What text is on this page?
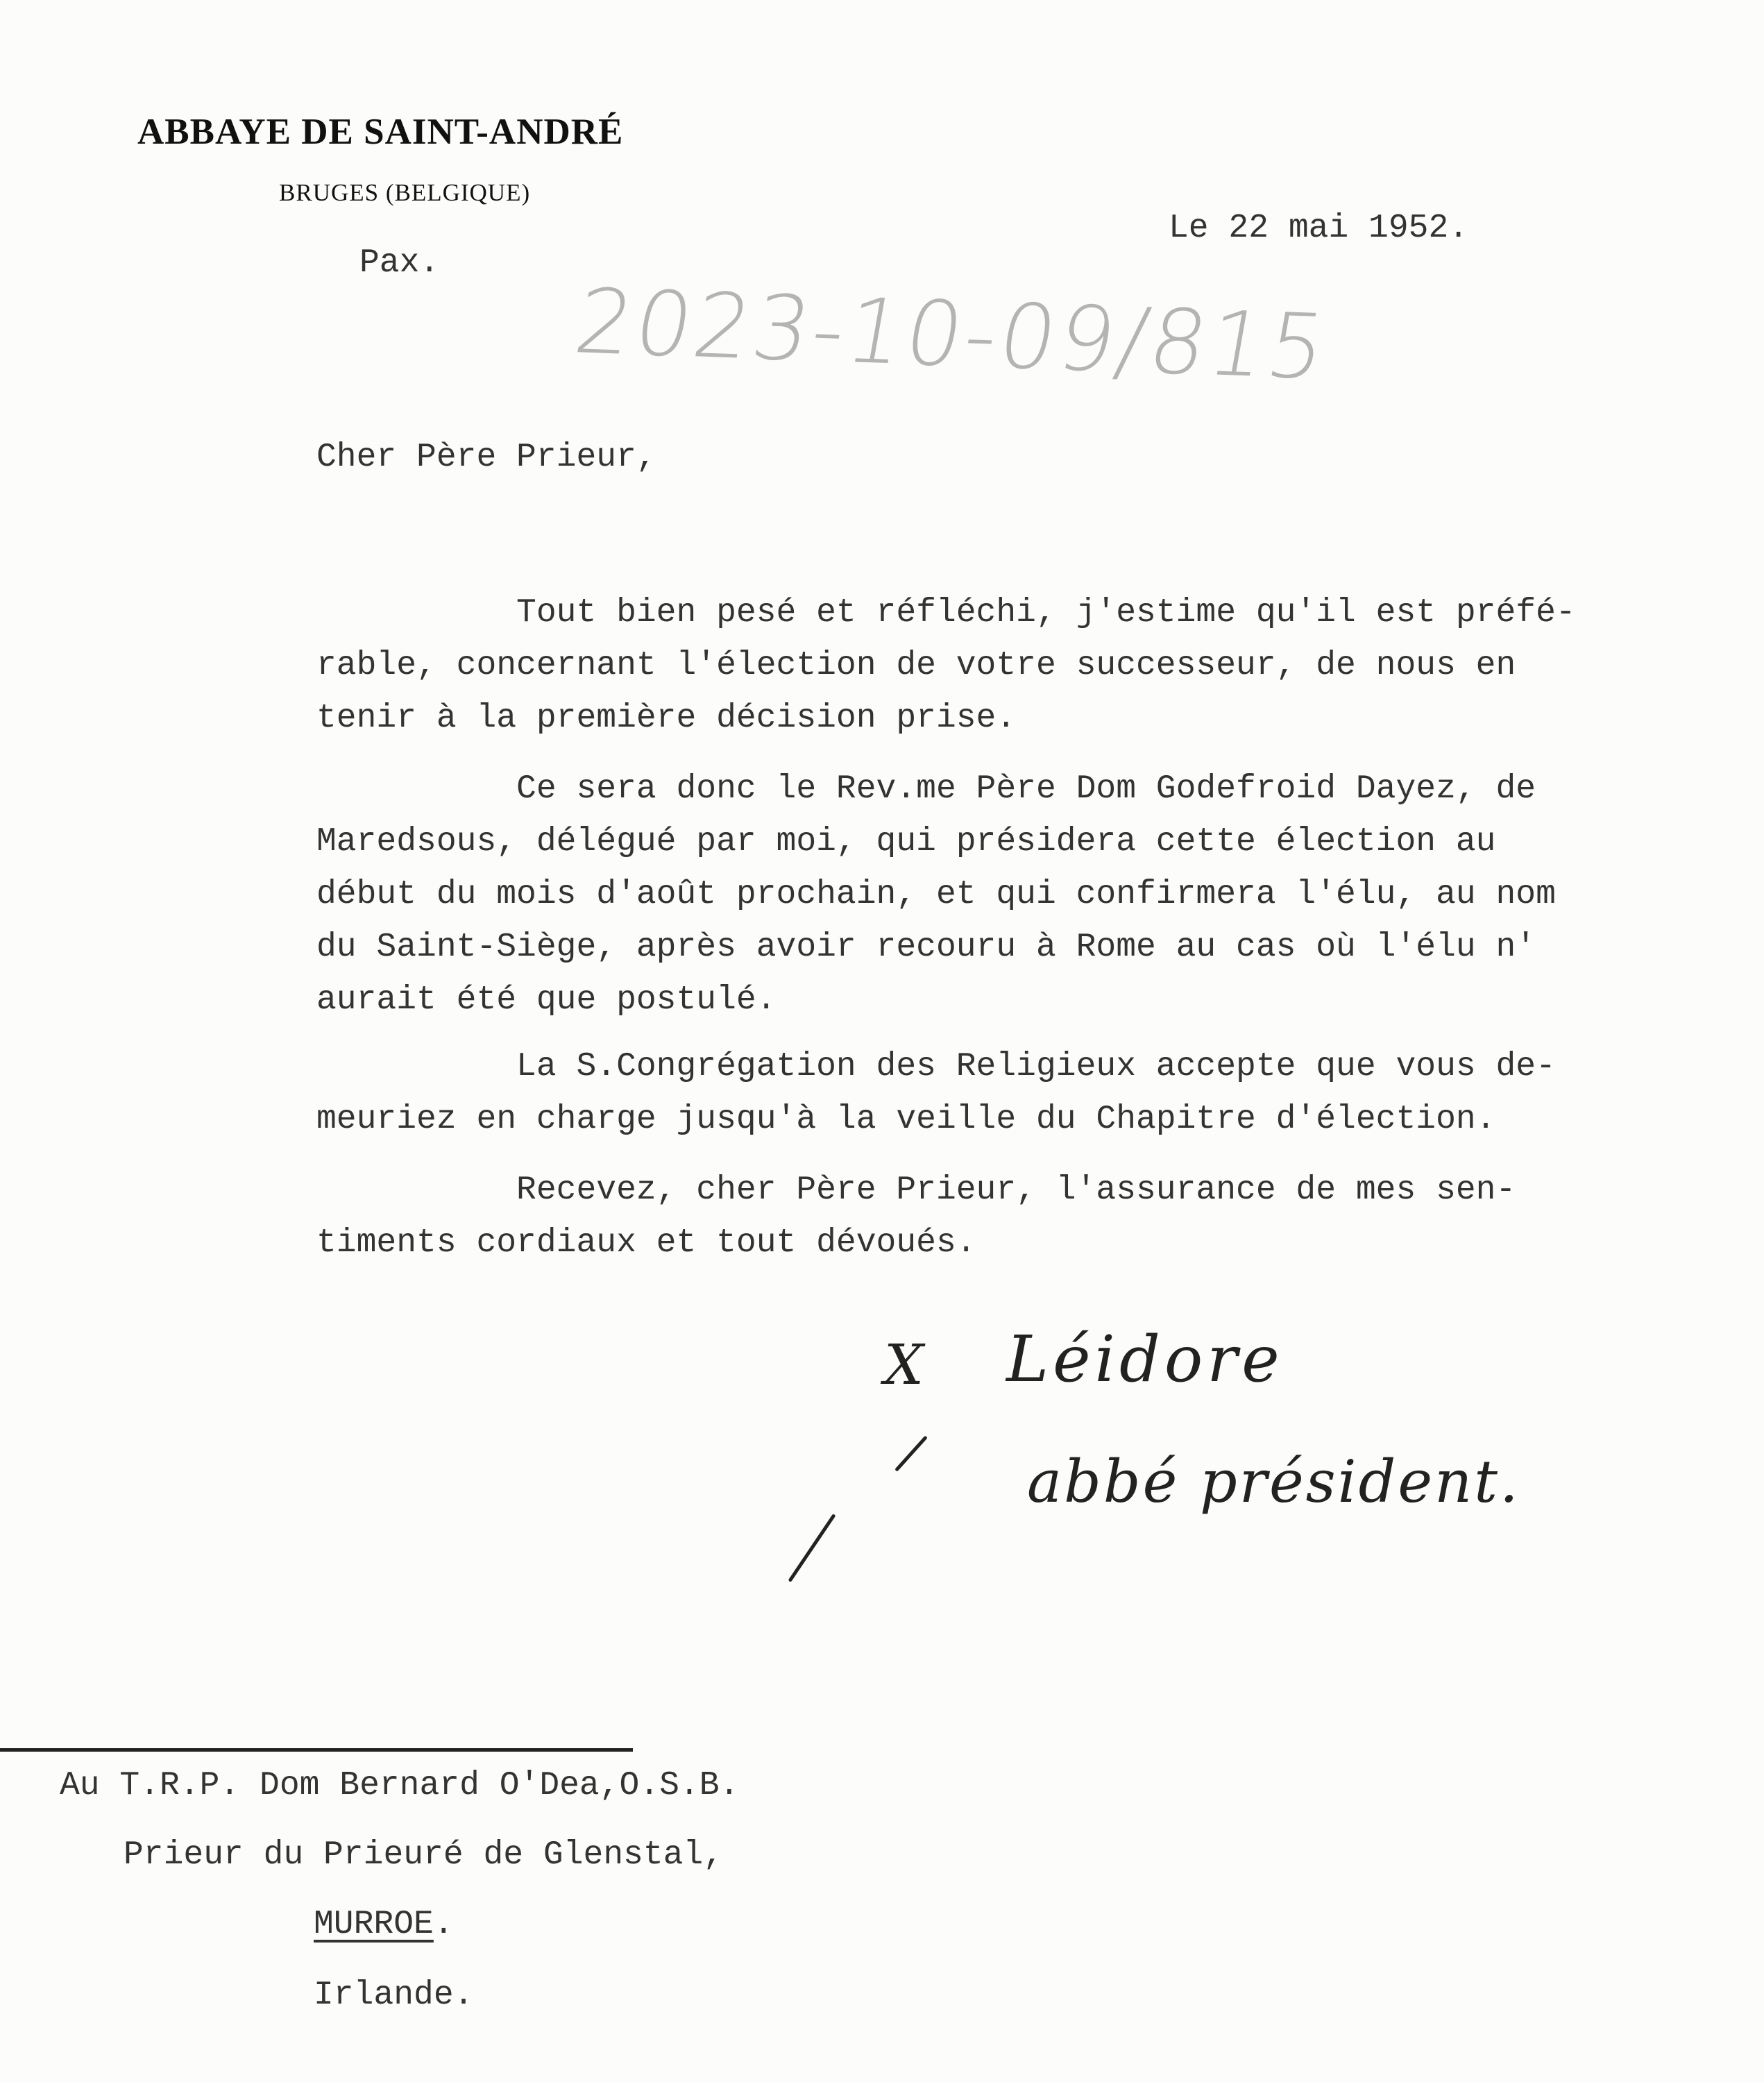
ABBAYE DE SAINT-ANDRÉ
BRUGES (BELGIQUE)
Le 22 mai 1952.
Pax.
2023-10-09/815
Cher Père Prieur,
Tout bien pesé et réfléchi, j'estime qu'il est préfé-
rable, concernant l'élection de votre successeur, de nous en
tenir à la première décision prise.
Ce sera donc le Rev.me Père Dom Godefroid Dayez, de
Maredsous, délégué par moi, qui présidera cette élection au
début du mois d'août prochain, et qui confirmera l'élu, au nom
du Saint-Siège, après avoir recouru à Rome au cas où l'élu n'
aurait été que postulé.
La S.Congrégation des Religieux accepte que vous de-
meuriez en charge jusqu'à la veille du Chapitre d'élection.
Recevez, cher Père Prieur, l'assurance de mes sen-
timents cordiaux et tout dévoués.
X Léidore
abbé président.
Au T.R.P. Dom Bernard O'Dea,O.S.B.
Prieur du Prieuré de Glenstal,
MURROE.
Irlande.
